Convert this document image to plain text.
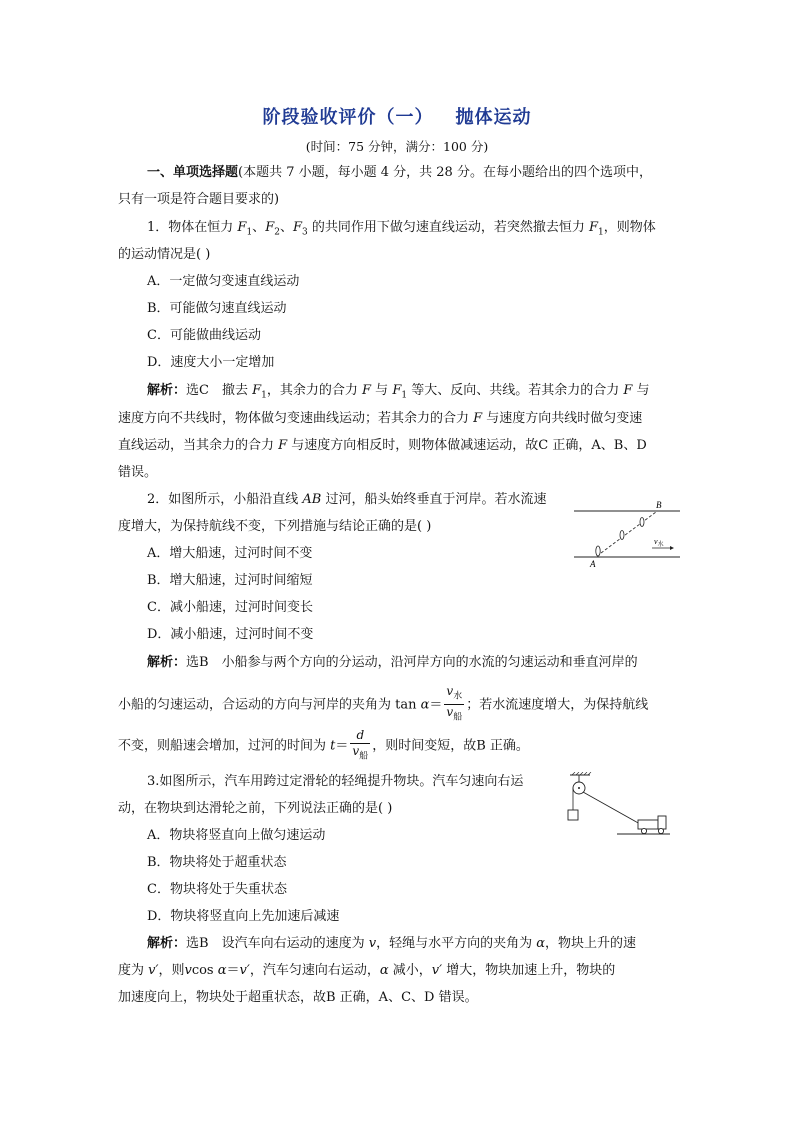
阶段验收评价（一） 抛体运动
(时间：75 分钟，满分：100 分)
一、单项选择题(本题共 7 小题，每小题 4 分，共 28 分。在每小题给出的四个选项中，
只有一项是符合题目要求的)
1．物体在恒力 $F_1$、$F_2$、$F_3$ 的共同作用下做匀速直线运动，若突然撤去恒力 $F_1$，则物体
的运动情况是( )
A．一定做匀变速直线运动
B．可能做匀速直线运动
C．可能做曲线运动
D．速度大小一定增加
解析：选C　撤去 $F_1$，其余力的合力 F 与 $F_1$ 等大、反向、共线。若其余力的合力 F 与
速度方向不共线时，物体做匀变速曲线运动；若其余力的合力 F 与速度方向共线时做匀变速
直线运动，当其余力的合力 F 与速度方向相反时，则物体做减速运动，故C 正确，A、B、D
错误。
2．如图所示，小船沿直线 AB 过河，船头始终垂直于河岸。若水流速
度增大，为保持航线不变，下列措施与结论正确的是( )
A．增大船速，过河时间不变
B．增大船速，过河时间缩短
C．减小船速，过河时间变长
D．减小船速，过河时间不变
A
B
$v_水$
解析：选B　小船参与两个方向的分运动，沿河岸方向的水流的匀速运动和垂直河岸的
小船的匀速运动，合运动的方向与河岸的夹角为 $\tan \alpha= \frac{v_水}{v_船}$ ；若水流速度增大，为保持航线
不变，则船速会增加，过河的时间为 $t= \frac{d}{v_船}$ ，则时间变短，故B 正确。
3.如图所示，汽车用跨过定滑轮的轻绳提升物块。汽车匀速向右运
动，在物块到达滑轮之前，下列说法正确的是( )
A．物块将竖直向上做匀速运动
B．物块将处于超重状态
C．物块将处于失重状态
D．物块将竖直向上先加速后减速
解析：选B　设汽车向右运动的速度为 v，轻绳与水平方向的夹角为 α，物块上升的速
度为 v′，则vcos α＝v′，汽车匀速向右运动，α 减小，v′ 增大，物块加速上升，物块的
加速度向上，物块处于超重状态，故B 正确，A、C、D 错误。
